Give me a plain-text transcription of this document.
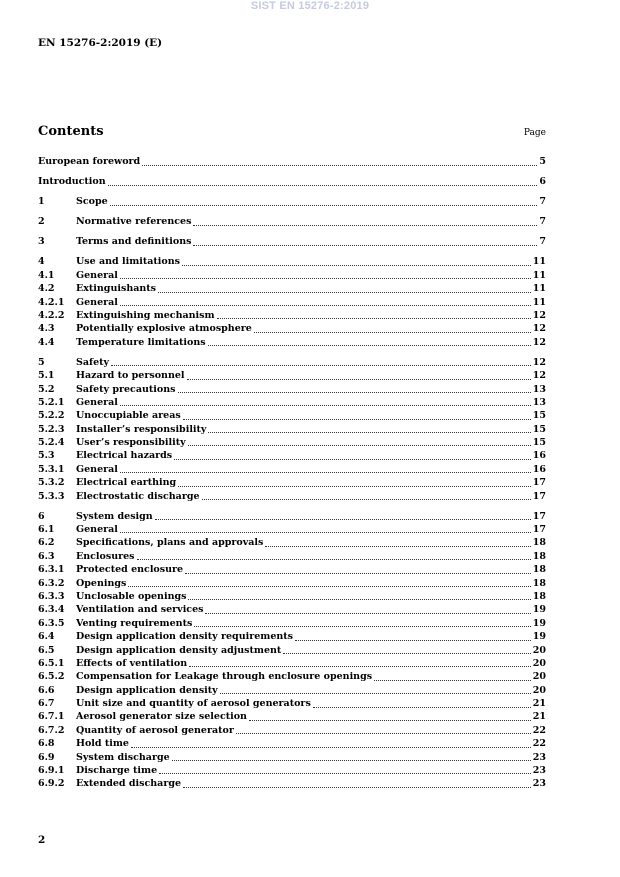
SIST EN 15276-2:2019
EN 15276-2:2019 (E)
Contents	Page
European foreword	5
Introduction	6
1	Scope	7
2	Normative references	7
3	Terms and definitions	7
4	Use and limitations	11
4.1	General	11
4.2	Extinguishants	11
4.2.1	General	11
4.2.2	Extinguishing mechanism	12
4.3	Potentially explosive atmosphere	12
4.4	Temperature limitations	12
5	Safety	12
5.1	Hazard to personnel	12
5.2	Safety precautions	13
5.2.1	General	13
5.2.2	Unoccupiable areas	15
5.2.3	Installer’s responsibility	15
5.2.4	User’s responsibility	15
5.3	Electrical hazards	16
5.3.1	General	16
5.3.2	Electrical earthing	17
5.3.3	Electrostatic discharge	17
6	System design	17
6.1	General	17
6.2	Specifications, plans and approvals	18
6.3	Enclosures	18
6.3.1	Protected enclosure	18
6.3.2	Openings	18
6.3.3	Unclosable openings	18
6.3.4	Ventilation and services	19
6.3.5	Venting requirements	19
6.4	Design application density requirements	19
6.5	Design application density adjustment	20
6.5.1	Effects of ventilation	20
6.5.2	Compensation for Leakage through enclosure openings	20
6.6	Design application density	20
6.7	Unit size and quantity of aerosol generators	21
6.7.1	Aerosol generator size selection	21
6.7.2	Quantity of aerosol generator	22
6.8	Hold time	22
6.9	System discharge	23
6.9.1	Discharge time	23
6.9.2	Extended discharge	23
2
